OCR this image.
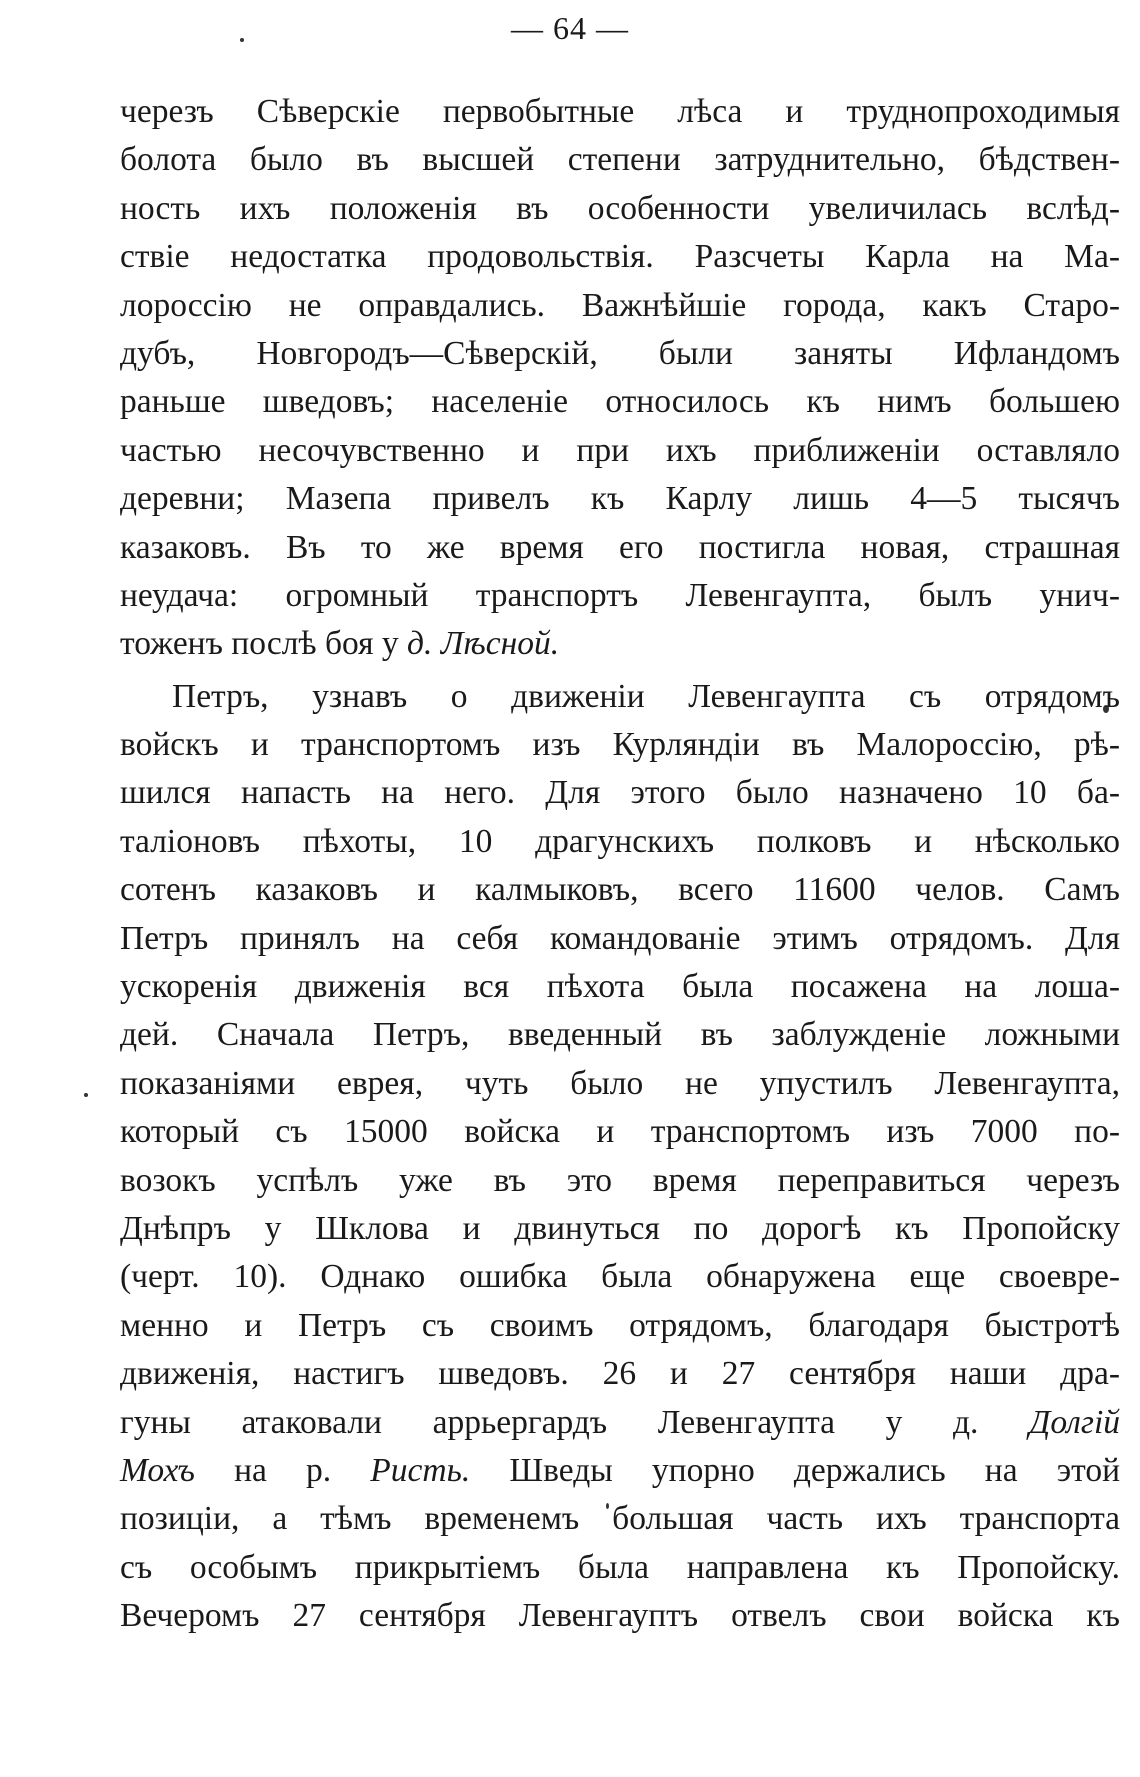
— 64 —
черезъ Сѣверскіе первобытные лѣса и труднопроходимыя
болота было въ высшей степени затруднительно, бѣдствен-
ность ихъ положенія въ особенности увеличилась вслѣд-
ствіе недостатка продовольствія. Разсчеты Карла на Ма-
лороссію не оправдались. Важнѣйшіе города, какъ Старо-
дубъ, Новгородъ—Сѣверскій, были заняты Ифландомъ
раньше шведовъ; населеніе относилось къ нимъ большею
частью несочувственно и при ихъ приближеніи оставляло
деревни; Мазепа привелъ къ Карлу лишь 4—5 тысячъ
казаковъ. Въ то же время его постигла новая, страшная
неудача: огромный транспортъ Левенгаупта, былъ унич-
тоженъ послѣ боя у д. Лѣсной.
Петръ, узнавъ о движеніи Левенгаупта съ отрядомъ
войскъ и транспортомъ изъ Курляндіи въ Малороссію, рѣ-
шился напасть на него. Для этого было назначено 10 ба-
таліоновъ пѣхоты, 10 драгунскихъ полковъ и нѣсколько
сотенъ казаковъ и калмыковъ, всего 11600 челов. Самъ
Петръ принялъ на себя командованіе этимъ отрядомъ. Для
ускоренія движенія вся пѣхота была посажена на лоша-
дей. Сначала Петръ, введенный въ заблужденіе ложными
показаніями еврея, чуть было не упустилъ Левенгаупта,
который съ 15000 войска и транспортомъ изъ 7000 по-
возокъ успѣлъ уже въ это время переправиться черезъ
Днѣпръ у Шклова и двинуться по дорогѣ къ Пропойску
(черт. 10). Однако ошибка была обнаружена еще своевре-
менно и Петръ съ своимъ отрядомъ, благодаря быстротѣ
движенія, настигъ шведовъ. 26 и 27 сентября наши дра-
гуны атаковали аррьергардъ Левенгаупта у д. Долгій
Мохъ на р. Ристь. Шведы упорно держались на этой
позиціи, а тѣмъ временемъ большая часть ихъ транспорта
съ особымъ прикрытіемъ была направлена къ Пропойску.
Вечеромъ 27 сентября Левенгауптъ отвелъ свои войска къ
